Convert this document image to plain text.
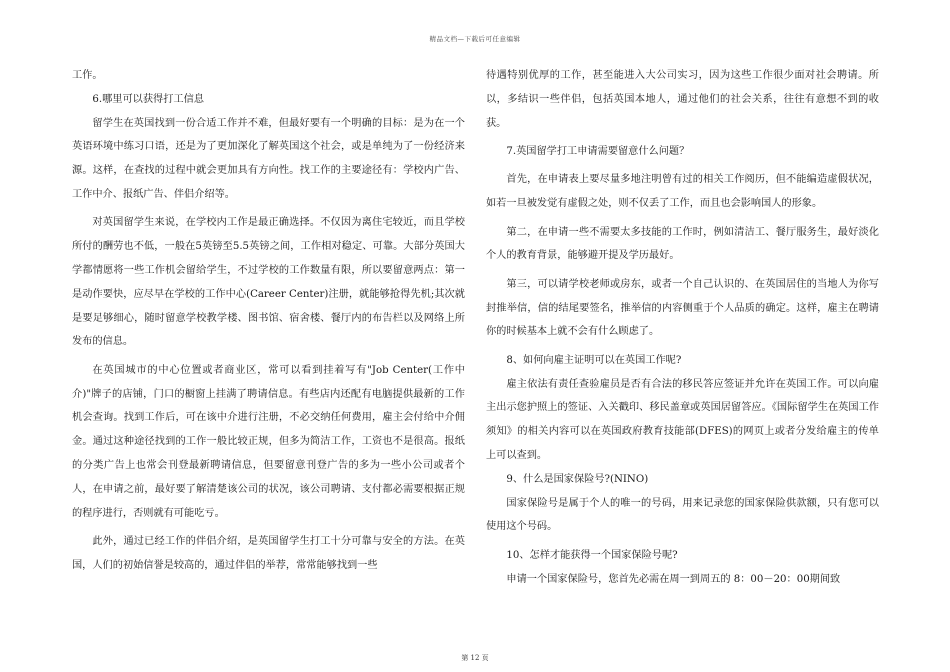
精品文档—下载后可任意编辑

工作。

6.哪里可以获得打工信息

留学生在英国找到一份合适工作并不难，但最好要有一个明确的目标：是为在一个英语环境中练习口语，还是为了更加深化了解英国这个社会，或是单纯为了一份经济来源。这样，在查找的过程中就会更加具有方向性。找工作的主要途径有：学校内广告、工作中介、报纸广告、伴侣介绍等。

对英国留学生来说，在学校内工作是最正确选择。不仅因为离住宅较近，而且学校所付的酬劳也不低，一般在5英镑至5.5英镑之间，工作相对稳定、可靠。大部分英国大学都情愿将一些工作机会留给学生，不过学校的工作数量有限，所以要留意两点：第一是动作要快，应尽早在学校的工作中心(Career Center)注册，就能够抢得先机;其次就是要足够细心，随时留意学校教学楼、图书馆、宿舍楼、餐厅内的布告栏以及网络上所发布的信息。

在英国城市的中心位置或者商业区，常可以看到挂着写有"Job Center(工作中介)"牌子的店铺，门口的橱窗上挂满了聘请信息。有些店内还配有电脑提供最新的工作机会查询。找到工作后，可在该中介进行注册，不必交纳任何费用，雇主会付给中介佣金。通过这种途径找到的工作一般比较正规，但多为简洁工作，工资也不是很高。报纸的分类广告上也常会刊登最新聘请信息，但要留意刊登广告的多为一些小公司或者个人，在申请之前，最好要了解清楚该公司的状况，该公司聘请、支付都必需要根据正规的程序进行，否则就有可能吃亏。

此外，通过已经工作的伴侣介绍，是英国留学生打工十分可靠与安全的方法。在英国，人们的初始信誉是较高的，通过伴侣的举荐，常常能够找到一些

待遇特别优厚的工作，甚至能进入大公司实习，因为这些工作很少面对社会聘请。所以，多结识一些伴侣，包括英国本地人，通过他们的社会关系，往往有意想不到的收获。

7.英国留学打工申请需要留意什么问题？

首先，在申请表上要尽量多地注明曾有过的相关工作阅历，但不能编造虚假状况，如若一旦被发觉有虚假之处，则不仅丢了工作，而且也会影响国人的形象。

第二，在申请一些不需要太多技能的工作时，例如清洁工、餐厅服务生，最好淡化个人的教育背景，能够避开提及学历最好。

第三，可以请学校老师或房东，或者一个自己认识的、在英国居住的当地人为你写封推举信，信的结尾要签名，推举信的内容侧重于个人品质的确定。这样，雇主在聘请你的时候基本上就不会有什么顾虑了。

8、如何向雇主证明可以在英国工作呢?

雇主依法有责任查验雇员是否有合法的移民答应签证并允许在英国工作。可以向雇主出示您护照上的签证、入关戳印、移民盖章或英国居留答应。《国际留学生在英国工作须知》的相关内容可以在英国政府教育技能部(DFES)的网页上或者分发给雇主的传单上可以查到。

9、什么是国家保险号?(NINO)

国家保险号是属于个人的唯一的号码，用来记录您的国家保险供款额，只有您可以使用这个号码。

10、怎样才能获得一个国家保险号呢?

申请一个国家保险号，您首先必需在周一到周五的 8：00－20：00期间致

第 12 页
